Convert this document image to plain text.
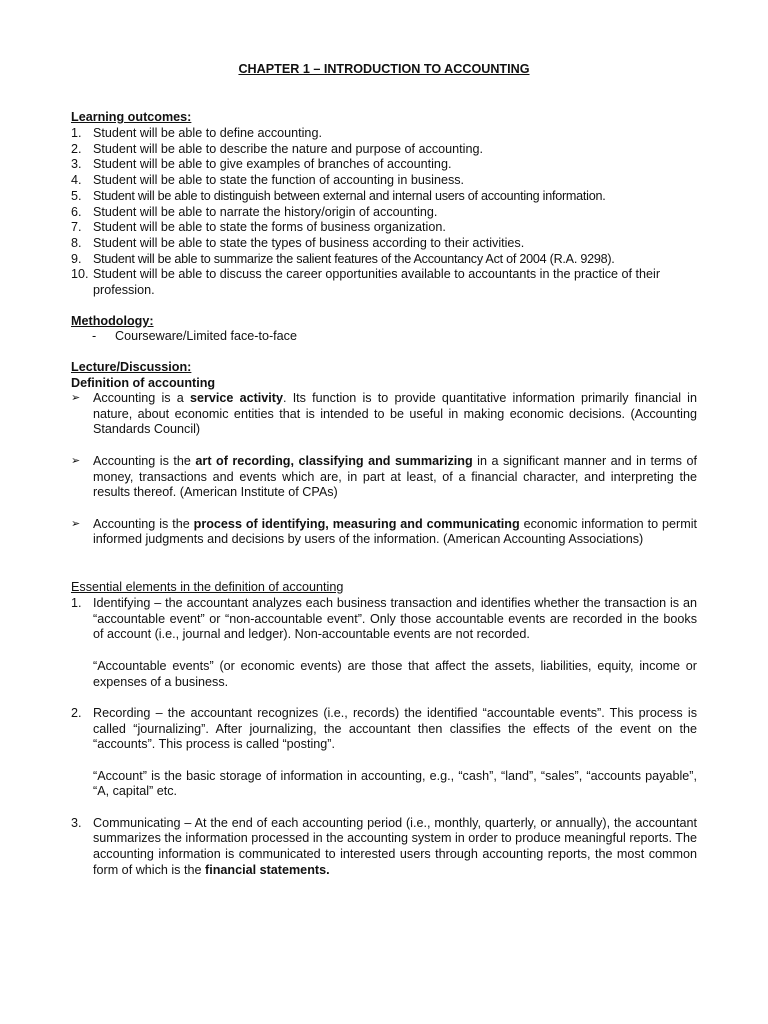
CHAPTER 1 – INTRODUCTION TO ACCOUNTING
Learning outcomes:
1. Student will be able to define accounting.
2. Student will be able to describe the nature and purpose of accounting.
3. Student will be able to give examples of branches of accounting.
4. Student will be able to state the function of accounting in business.
5. Student will be able to distinguish between external and internal users of accounting information.
6. Student will be able to narrate the history/origin of accounting.
7. Student will be able to state the forms of business organization.
8. Student will be able to state the types of business according to their activities.
9. Student will be able to summarize the salient features of the Accountancy Act of 2004 (R.A. 9298).
10. Student will be able to discuss the career opportunities available to accountants in the practice of their profession.
Methodology:
-	Courseware/Limited face-to-face
Lecture/Discussion:
Definition of accounting
➢	Accounting is a service activity. Its function is to provide quantitative information primarily financial in nature, about economic entities that is intended to be useful in making economic decisions. (Accounting Standards Council)
➢	Accounting is the art of recording, classifying and summarizing in a significant manner and in terms of money, transactions and events which are, in part at least, of a financial character, and interpreting the results thereof. (American Institute of CPAs)
➢	Accounting is the process of identifying, measuring and communicating economic information to permit informed judgments and decisions by users of the information. (American Accounting Associations)
Essential elements in the definition of accounting
1. Identifying – the accountant analyzes each business transaction and identifies whether the transaction is an “accountable event” or “non-accountable event”. Only those accountable events are recorded in the books of account (i.e., journal and ledger). Non-accountable events are not recorded.
“Accountable events” (or economic events) are those that affect the assets, liabilities, equity, income or expenses of a business.
2. Recording – the accountant recognizes (i.e., records) the identified “accountable events”. This process is called “journalizing”. After journalizing, the accountant then classifies the effects of the event on the “accounts”. This process is called “posting”.
“Account” is the basic storage of information in accounting, e.g., “cash”, “land”, “sales”, “accounts payable”, “A, capital” etc.
3. Communicating – At the end of each accounting period (i.e., monthly, quarterly, or annually), the accountant summarizes the information processed in the accounting system in order to produce meaningful reports. The accounting information is communicated to interested users through accounting reports, the most common form of which is the financial statements.
